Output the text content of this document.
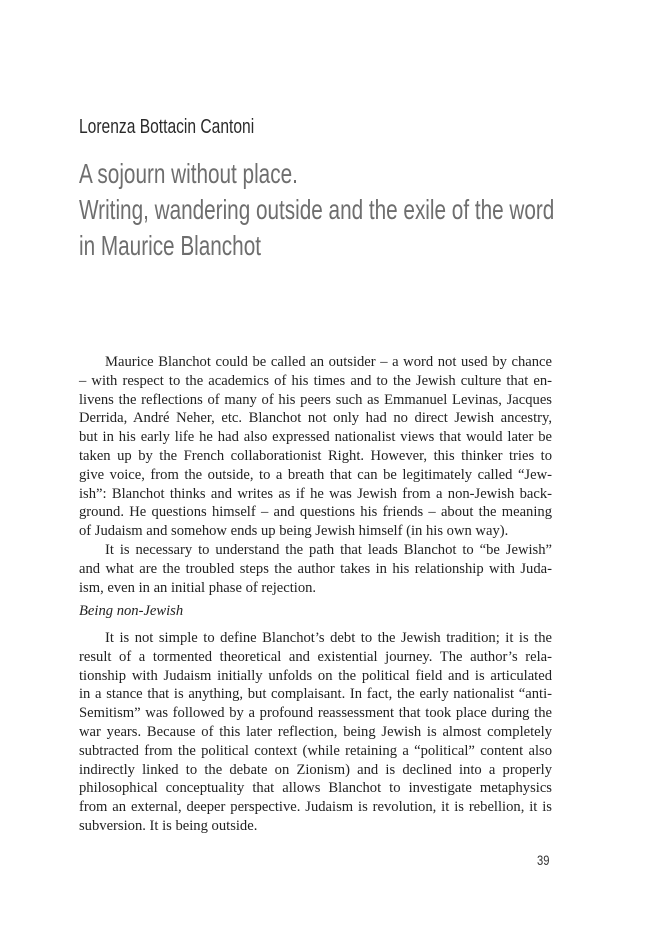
Lorenza Bottacin Cantoni
A sojourn without place.
Writing, wandering outside and the exile of the word
in Maurice Blanchot
Maurice Blanchot could be called an outsider – a word not used by chance
– with respect to the academics of his times and to the Jewish culture that en-
livens the reflections of many of his peers such as Emmanuel Levinas, Jacques
Derrida, André Neher, etc. Blanchot not only had no direct Jewish ancestry,
but in his early life he had also expressed nationalist views that would later be
taken up by the French collaborationist Right. However, this thinker tries to
give voice, from the outside, to a breath that can be legitimately called “Jew-
ish”: Blanchot thinks and writes as if he was Jewish from a non-Jewish back-
ground. He questions himself – and questions his friends – about the meaning
of Judaism and somehow ends up being Jewish himself (in his own way).
It is necessary to understand the path that leads Blanchot to “be Jewish”
and what are the troubled steps the author takes in his relationship with Juda-
ism, even in an initial phase of rejection.
Being non-Jewish
It is not simple to define Blanchot’s debt to the Jewish tradition; it is the
result of a tormented theoretical and existential journey. The author’s rela-
tionship with Judaism initially unfolds on the political field and is articulated
in a stance that is anything, but complaisant. In fact, the early nationalist “anti-
Semitism” was followed by a profound reassessment that took place during the
war years. Because of this later reflection, being Jewish is almost completely
subtracted from the political context (while retaining a “political” content also
indirectly linked to the debate on Zionism) and is declined into a properly
philosophical conceptuality that allows Blanchot to investigate metaphysics
from an external, deeper perspective. Judaism is revolution, it is rebellion, it is
subversion. It is being outside.
39
